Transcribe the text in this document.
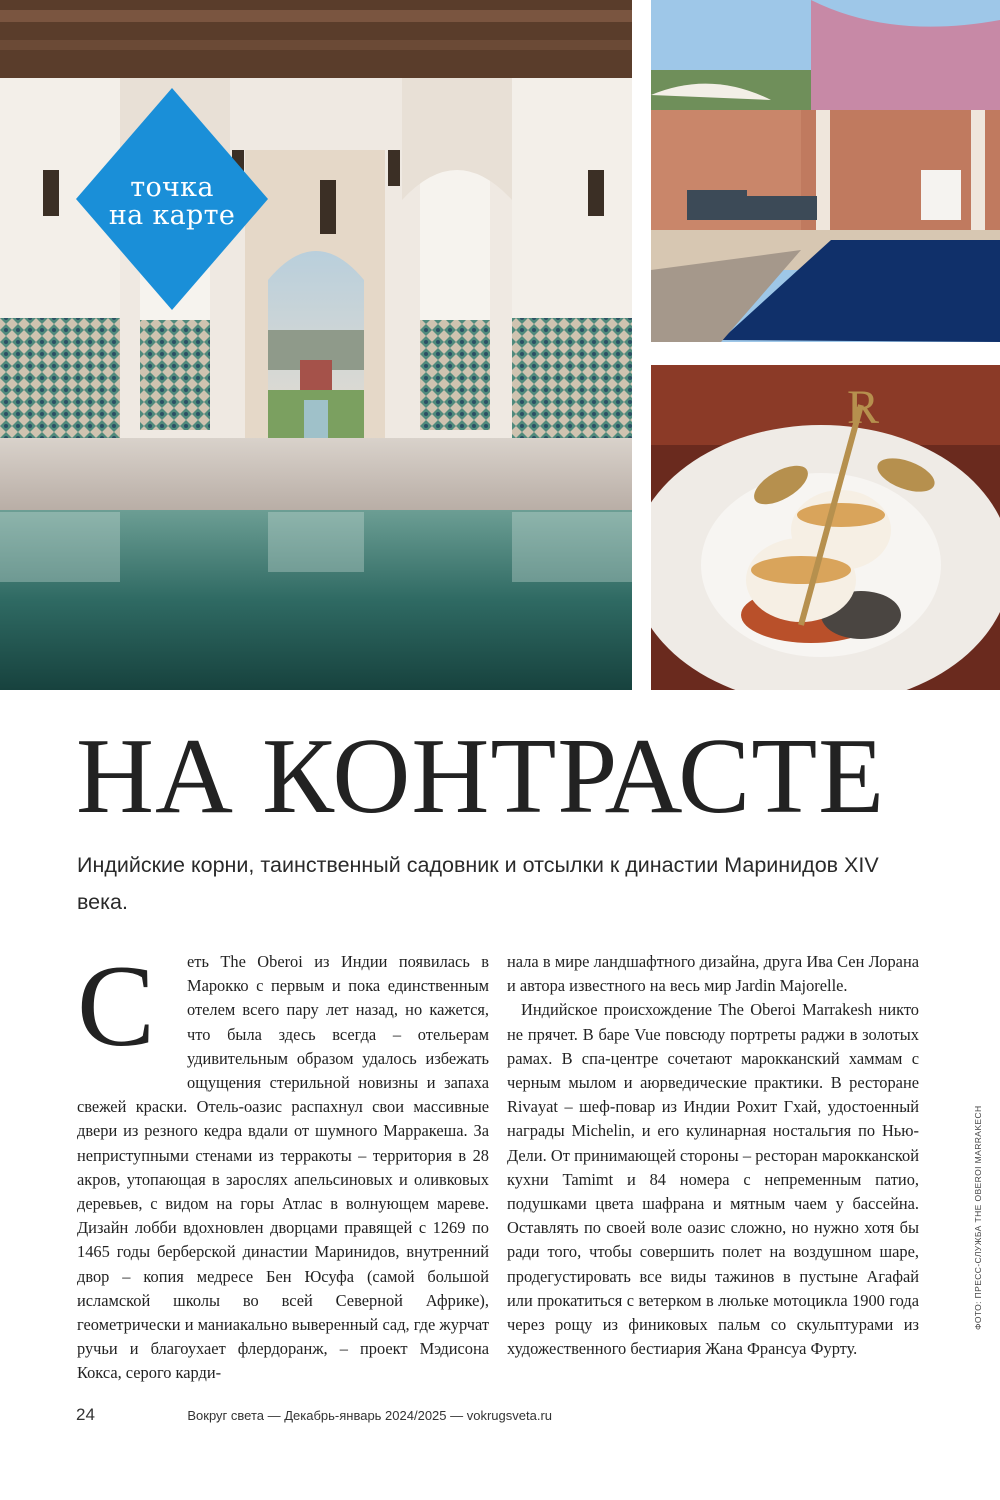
точка
на карте
R
НА КОНТРАСТЕ

Индийские корни, таинственный садовник и отсылки к династии Маринидов XIV века.

С	еть The Oberoi из Индии появилась в Марокко с первым и пока единственным отелем всего пару лет назад, но кажется, что была здесь всегда – отельерам удивительным образом удалось избежать ощущения стерильной новизны и запаха свежей краски. Отель-оазис распахнул свои массивные двери из резного кедра вдали от шумного Марракеша. За неприступными стенами из терракоты – территория в 28 акров, утопающая в зарослях апельсиновых и оливковых деревьев, с видом на горы Атлас в волнующем мареве. Дизайн лобби вдохновлен дворцами правящей с 1269 по 1465 годы берберской династии Маринидов, внутренний двор – копия медресе Бен Юсуфа (самой большой исламской школы во всей Северной Африке), геометрически и маниакально выверенный сад, где журчат ручьи и благоухает флердоранж, – проект Мэдисона Кокса, серого карди-

нала в мире ландшафтного дизайна, друга Ива Сен Лорана и автора известного на весь мир Jardin Majorelle.

Индийское происхождение The Oberoi Marrakesh никто не прячет. В баре Vue повсюду портреты раджи в золотых рамах. В спа-центре сочетают марокканский хаммам с черным мылом и аюрведические практики. В ресторане Rivayat – шеф-повар из Индии Рохит Гхай, удостоенный награды Michelin, и его кулинарная ностальгия по Нью-Дели. От принимающей стороны – ресторан марокканской кухни Tamimt и 84 номера с непременным патио, подушками цвета шафрана и мятным чаем у бассейна. Оставлять по своей воле оазис сложно, но нужно хотя бы ради того, чтобы совершить полет на воздушном шаре, продегустировать все виды тажинов в пустыне Агафай или прокатиться с ветерком в люльке мотоцикла 1900 года через рощу из финиковых пальм со скульптурами из художественного бестиария Жана Франсуа Фурту.

ФОТО: ПРЕСС-СЛУЖБА THE OBEROI MARRAKECH
24	Вокруг света — Декабрь-январь 2024/2025 — vokrugsveta.ru
